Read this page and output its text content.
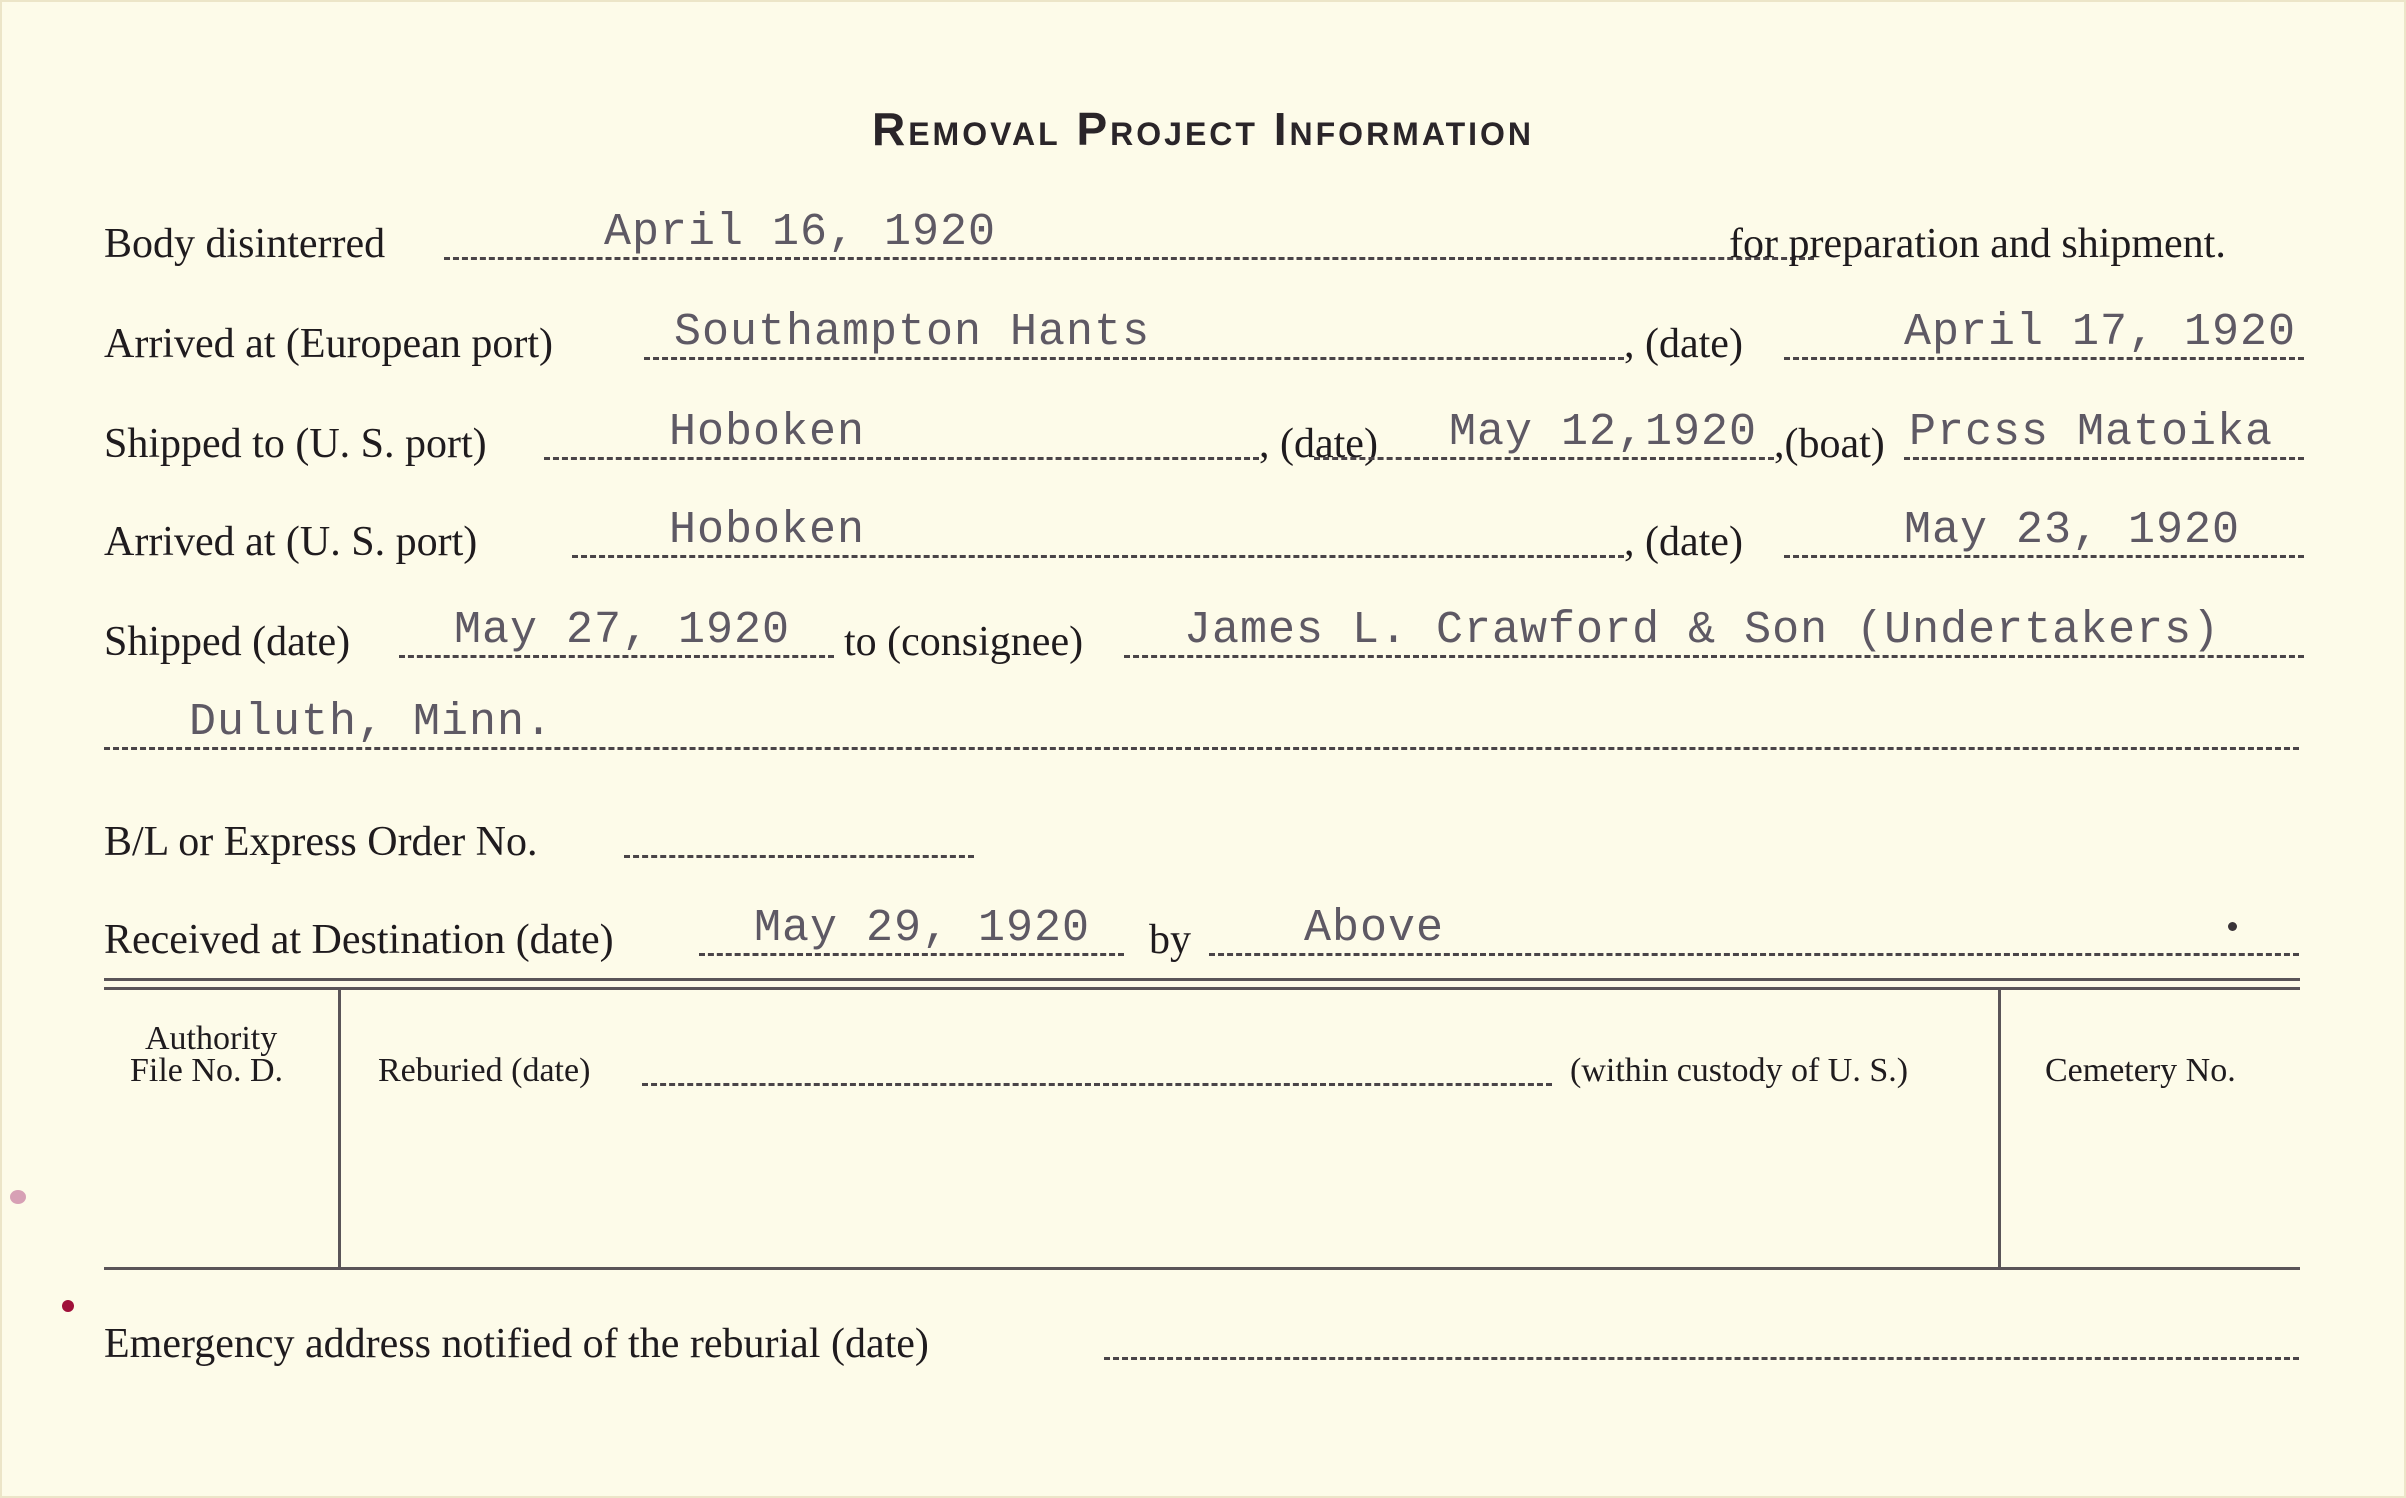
Removal Project Information
Body disinterred	April 16, 1920	for preparation and shipment.
Arrived at (European port)	Southampton Hants	, (date)	April 17, 1920
Shipped to (U. S. port)	Hoboken	, (date) May 12,1920 ,(boat) Prcss Matoika
Arrived at (U. S. port)	Hoboken	, (date)	May 23, 1920
Shipped (date) May 27, 1920 to (consignee) James L. Crawford & Son (Undertakers)
Duluth, Minn.
B/L or Express Order No.
Received at Destination (date)	May 29, 1920 by	Above
Authority
File No. D.	Reburied (date)	(within custody of U. S.)	Cemetery No.
Emergency address notified of the reburial (date)
